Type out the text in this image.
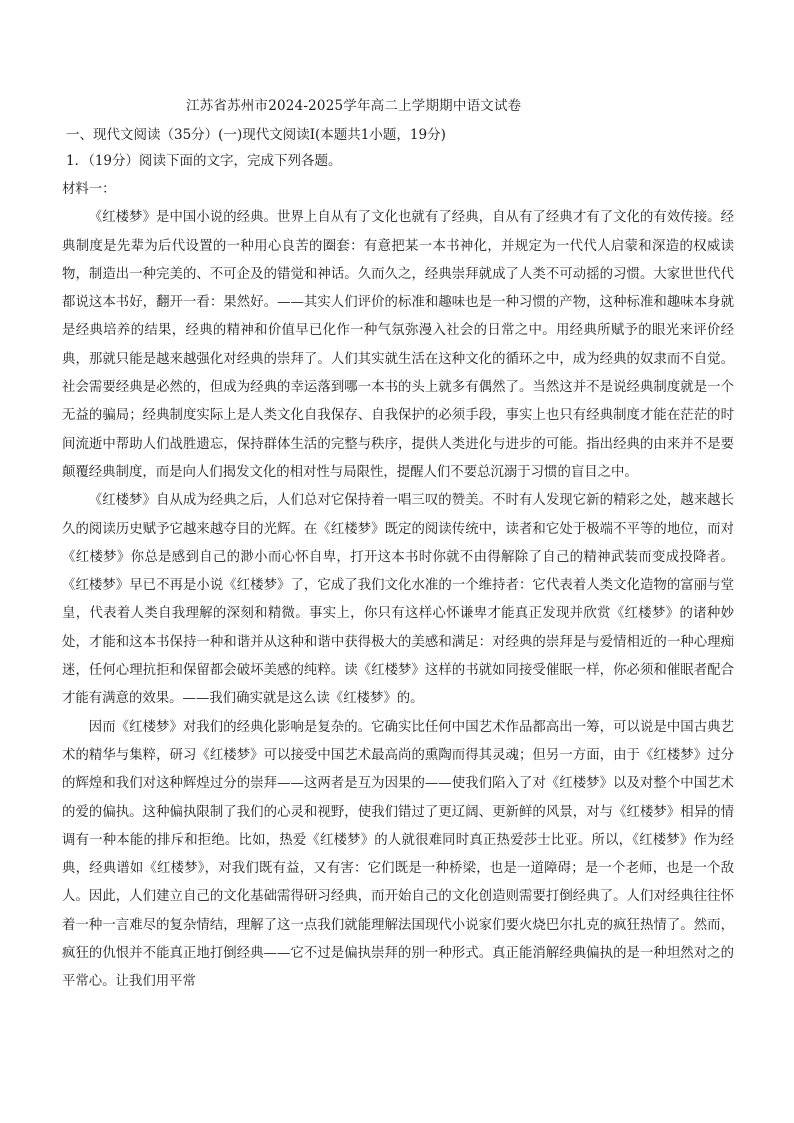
江苏省苏州市2024-2025学年高二上学期期中语文试卷
一、现代文阅读（35分）(一)现代文阅读Ⅰ(本题共1小题，19分)
1．（19分）阅读下面的文字，完成下列各题。

材料一：

《红楼梦》是中国小说的经典。世界上自从有了文化也就有了经典，自从有了经典才有了文化的有效传接。经典制度是先辈为后代设置的一种用心良苦的圈套：有意把某一本书神化，并规定为一代代人启蒙和深造的权威读物，制造出一种完美的、不可企及的错觉和神话。久而久之，经典崇拜就成了人类不可动摇的习惯。大家世世代代都说这本书好，翻开一看：果然好。——其实人们评价的标准和趣味也是一种习惯的产物，这种标准和趣味本身就是经典培养的结果，经典的精神和价值早已化作一种气氛弥漫入社会的日常之中。用经典所赋予的眼光来评价经典，那就只能是越来越强化对经典的崇拜了。人们其实就生活在这种文化的循环之中，成为经典的奴隶而不自觉。社会需要经典是必然的，但成为经典的幸运落到哪一本书的头上就多有偶然了。当然这并不是说经典制度就是一个无益的骗局；经典制度实际上是人类文化自我保存、自我保护的必须手段，事实上也只有经典制度才能在茫茫的时间流逝中帮助人们战胜遗忘，保持群体生活的完整与秩序，提供人类进化与进步的可能。指出经典的由来并不是要颠覆经典制度，而是向人们揭发文化的相对性与局限性，提醒人们不要总沉溺于习惯的盲目之中。

《红楼梦》自从成为经典之后，人们总对它保持着一唱三叹的赞美。不时有人发现它新的精彩之处，越来越长久的阅读历史赋予它越来越夺目的光辉。在《红楼梦》既定的阅读传统中，读者和它处于极端不平等的地位，而对《红楼梦》你总是感到自己的渺小而心怀自卑，打开这本书时你就不由得解除了自己的精神武装而变成投降者。《红楼梦》早已不再是小说《红楼梦》了，它成了我们文化水准的一个维持者：它代表着人类文化造物的富丽与堂皇，代表着人类自我理解的深刻和精微。事实上，你只有这样心怀谦卑才能真正发现并欣赏《红楼梦》的诸种妙处，才能和这本书保持一种和谐并从这种和谐中获得极大的美感和满足：对经典的崇拜是与爱情相近的一种心理痴迷，任何心理抗拒和保留都会破坏美感的纯粹。读《红楼梦》这样的书就如同接受催眠一样，你必须和催眠者配合才能有满意的效果。——我们确实就是这么读《红楼梦》的。

因而《红楼梦》对我们的经典化影响是复杂的。它确实比任何中国艺术作品都高出一筹，可以说是中国古典艺术的精华与集粹，研习《红楼梦》可以接受中国艺术最高尚的熏陶而得其灵魂；但另一方面，由于《红楼梦》过分的辉煌和我们对这种辉煌过分的崇拜——这两者是互为因果的——使我们陷入了对《红楼梦》以及对整个中国艺术的爱的偏执。这种偏执限制了我们的心灵和视野，使我们错过了更辽阔、更新鲜的风景，对与《红楼梦》相异的情调有一种本能的排斥和拒绝。比如，热爱《红楼梦》的人就很难同时真正热爱莎士比亚。所以，《红楼梦》作为经典，经典谱如《红楼梦》，对我们既有益，又有害：它们既是一种桥梁，也是一道障碍；是一个老师，也是一个敌人。因此，人们建立自己的文化基础需得研习经典，而开始自己的文化创造则需要打倒经典了。人们对经典往往怀着一种一言难尽的复杂情结，理解了这一点我们就能理解法国现代小说家们要火烧巴尔扎克的疯狂热情了。然而，疯狂的仇恨并不能真正地打倒经典——它不过是偏执崇拜的别一种形式。真正能消解经典偏执的是一种坦然对之的平常心。让我们用平常
